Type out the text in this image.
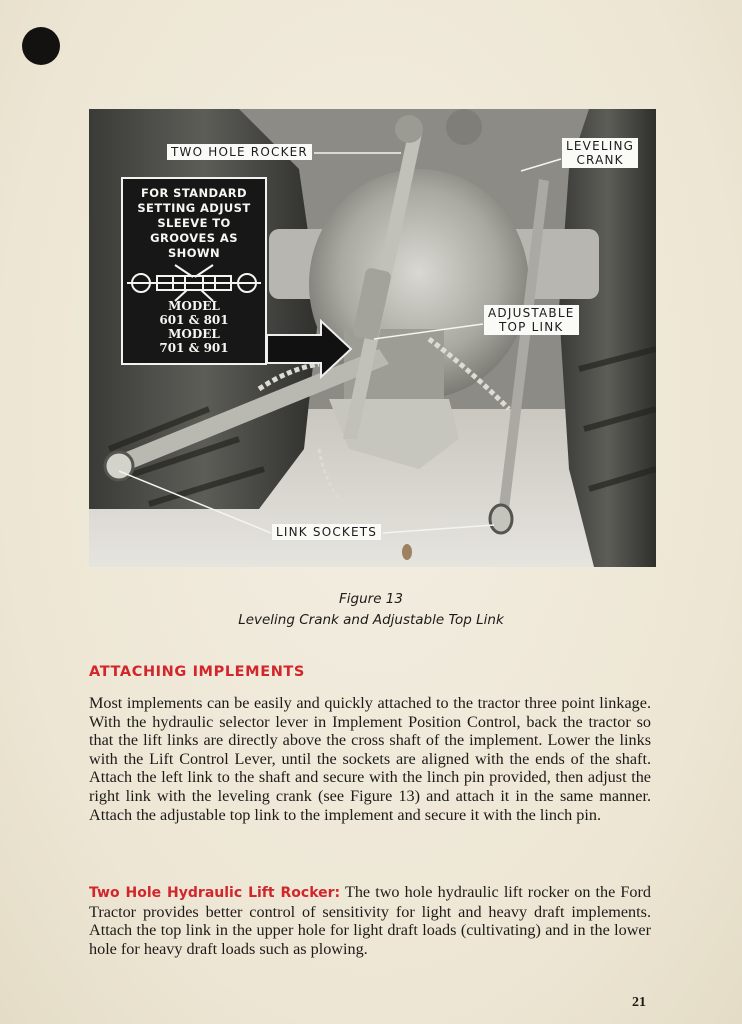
TWO HOLE ROCKER	LEVELING
CRANK
ADJUSTABLE
TOP LINK
LINK SOCKETS
FOR STANDARD
SETTING ADJUST
SLEEVE TO
GROOVES AS
SHOWN
MODEL
601 & 801
MODEL
701 & 901
Figure 13
Leveling Crank and Adjustable Top Link
ATTACHING IMPLEMENTS

Most implements can be easily and quickly attached to the tractor three point linkage. With the hydraulic selector lever in Implement Position Control, back the tractor so that the lift links are directly above the cross shaft of the implement. Lower the links with the Lift Control Lever, until the sockets are aligned with the ends of the shaft. Attach the left link to the shaft and secure with the linch pin provided, then adjust the right link with the leveling crank (see Figure 13) and attach it in the same manner. Attach the adjustable top link to the implement and secure it with the linch pin.

Two Hole Hydraulic Lift Rocker: The two hole hydraulic lift rocker on the Ford Tractor provides better control of sensitivity for light and heavy draft implements. Attach the top link in the upper hole for light draft loads (cultivating) and in the lower hole for heavy draft loads such as plowing.

21
